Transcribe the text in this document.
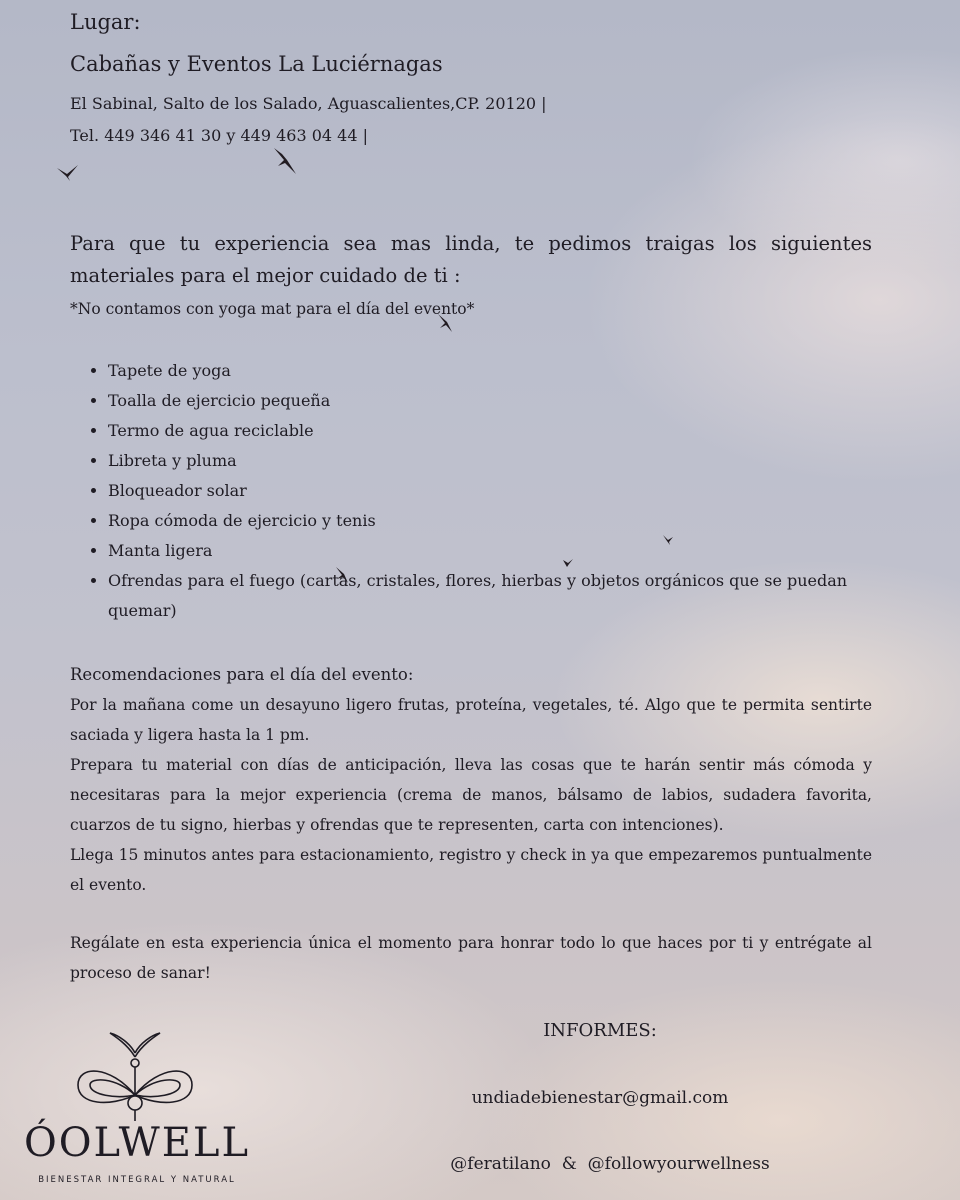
Lugar:
Cabañas y Eventos La Luciérnagas
El Sabinal, Salto de los Salado, Aguascalientes,CP. 20120 |
Tel. 449 346 41 30 y 449 463 04 44 |
Para que tu experiencia sea mas linda, te pedimos traigas los siguientes materiales para el mejor cuidado de ti :
*No contamos con yoga mat para el día del evento*
• Tapete de yoga
• Toalla de ejercicio pequeña
• Termo de agua reciclable
• Libreta y pluma
• Bloqueador solar
• Ropa cómoda de ejercicio y tenis
• Manta ligera
• Ofrendas para el fuego (cartas, cristales, flores, hierbas y objetos orgánicos que se puedan quemar)
Recomendaciones para el día del evento:
Por la mañana come un desayuno ligero frutas, proteína, vegetales, té. Algo que te permita sentirte saciada y ligera hasta la 1 pm.
Prepara tu material con días de anticipación, lleva las cosas que te harán sentir más cómoda y necesitaras para la mejor experiencia (crema de manos, bálsamo de labios, sudadera favorita, cuarzos de tu signo, hierbas y ofrendas que te representen, carta con intenciones).
Llega 15 minutos antes para estacionamiento, registro y check in ya que empezaremos puntualmente el evento.
Regálate en esta experiencia única el momento para honrar todo lo que haces por ti y entrégate al proceso de sanar!
ÓOLWELL
BIENESTAR INTEGRAL Y NATURAL
INFORMES:
undiadebienestar@gmail.com
@feratilano  &  @followyourwellness
